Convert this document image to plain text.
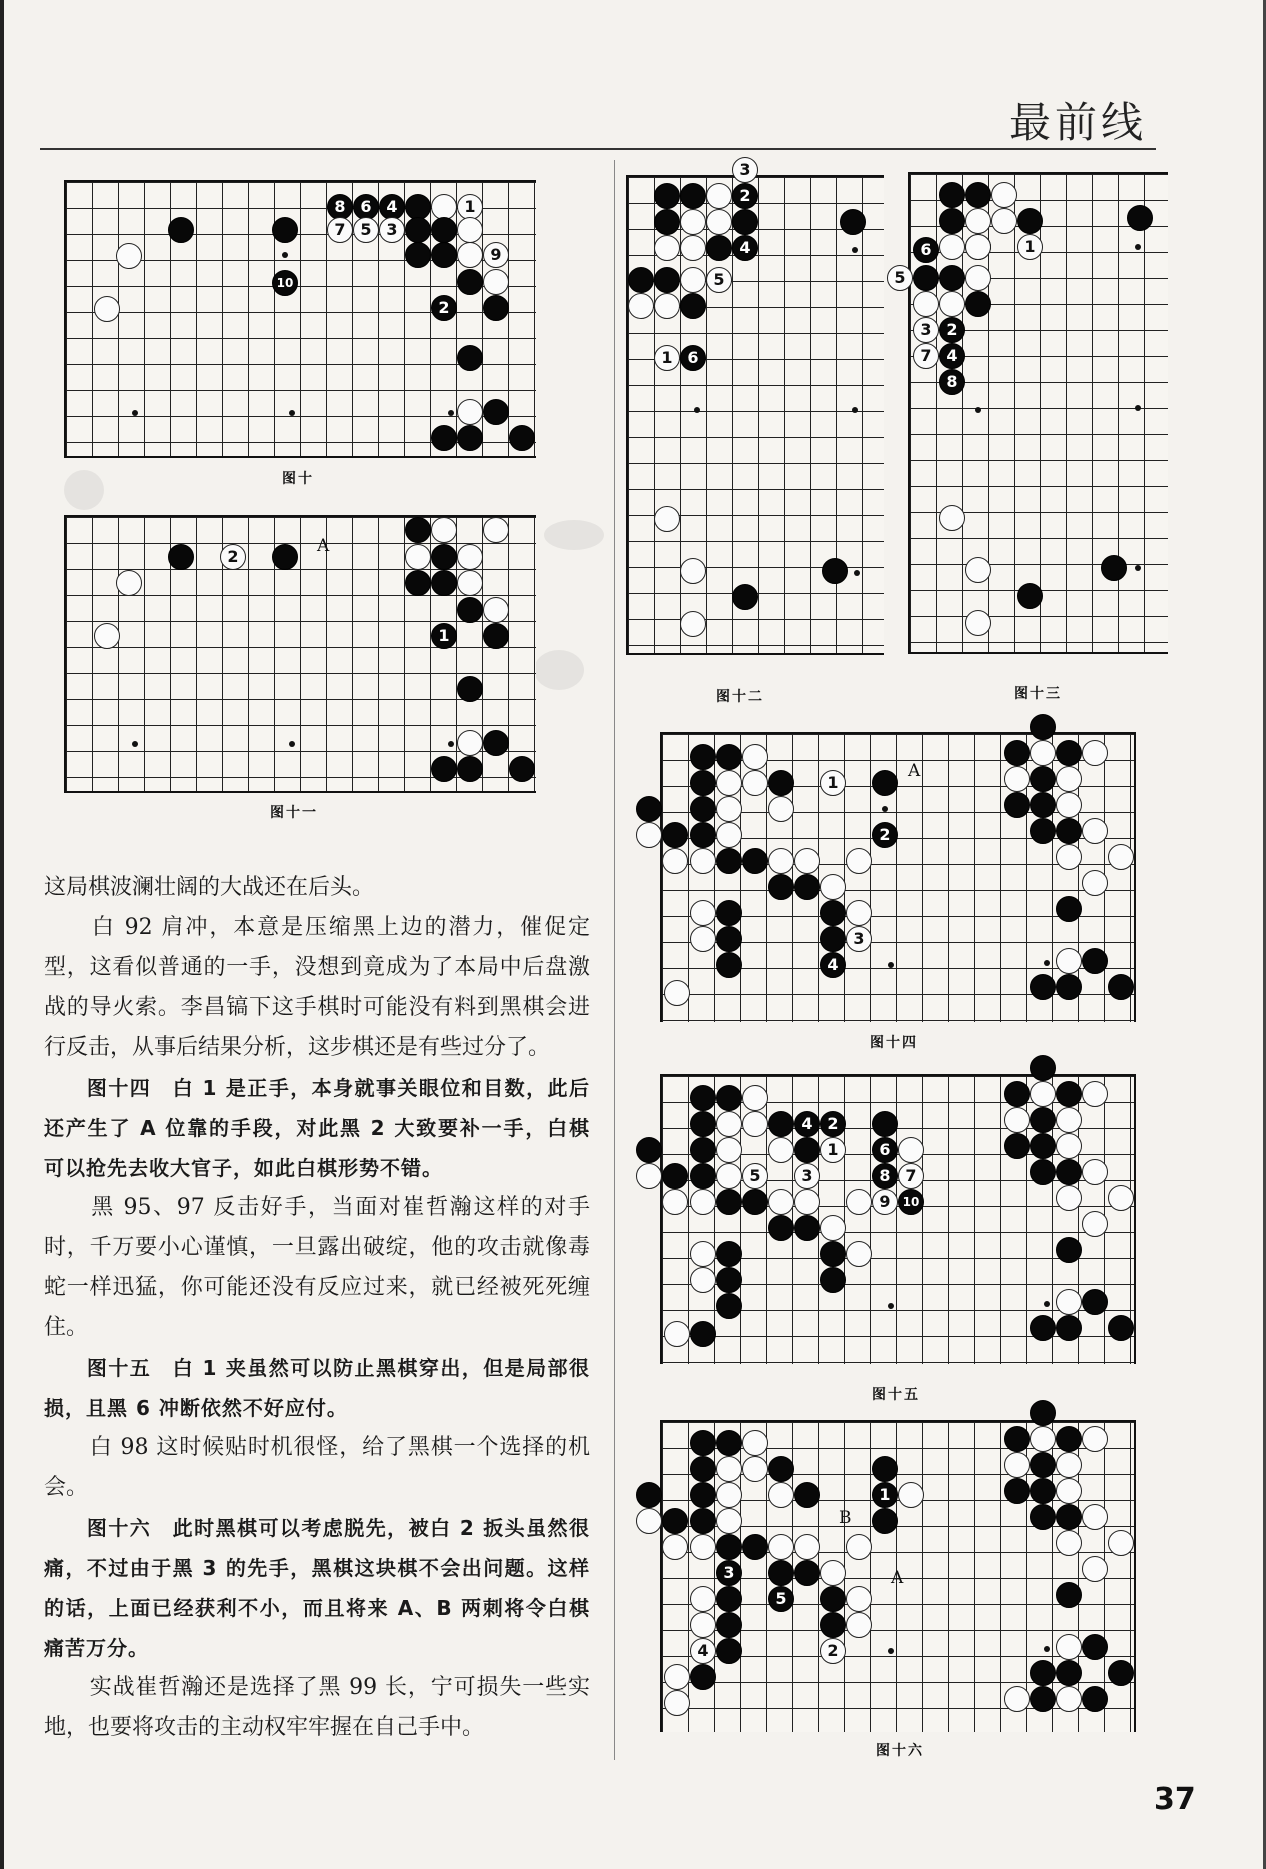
最前线
图十
图十一
图十二	图十三
图十四
图十五
图十六
8 6 4	1
7 5 3
9
10
2
2
1
A
3
2
4
5
1 6
1
6
5
3 2
7 4
8
1
2
3
4
A
4 2
1	6
5	3	8 7
9	10
1
3
5
4	2
B
A

这局棋波澜壮阔的大战还在后头。

　　白 92 肩冲，本意是压缩黑上边的潜力，催促定型，这看似普通的一手，没想到竟成为了本局中后盘激战的导火索。李昌镐下这手棋时可能没有料到黑棋会进行反击，从事后结果分析，这步棋还是有些过分了。

　　图十四　白 1 是正手，本身就事关眼位和目数，此后还产生了 A 位靠的手段，对此黑 2 大致要补一手，白棋可以抢先去收大官子，如此白棋形势不错。

　　黑 95、97 反击好手，当面对崔哲瀚这样的对手时，千万要小心谨慎，一旦露出破绽，他的攻击就像毒蛇一样迅猛，你可能还没有反应过来，就已经被死死缠住。

　　图十五　白 1 夹虽然可以防止黑棋穿出，但是局部很损，且黑 6 冲断依然不好应付。

　　白 98 这时候贴时机很怪，给了黑棋一个选择的机会。

　　图十六　此时黑棋可以考虑脱先，被白 2 扳头虽然很痛，不过由于黑 3 的先手，黑棋这块棋不会出问题。这样的话，上面已经获利不小，而且将来 A、B 两刺将令白棋痛苦万分。

　　实战崔哲瀚还是选择了黑 99 长，宁可损失一些实地，也要将攻击的主动权牢牢握在自己手中。

37
